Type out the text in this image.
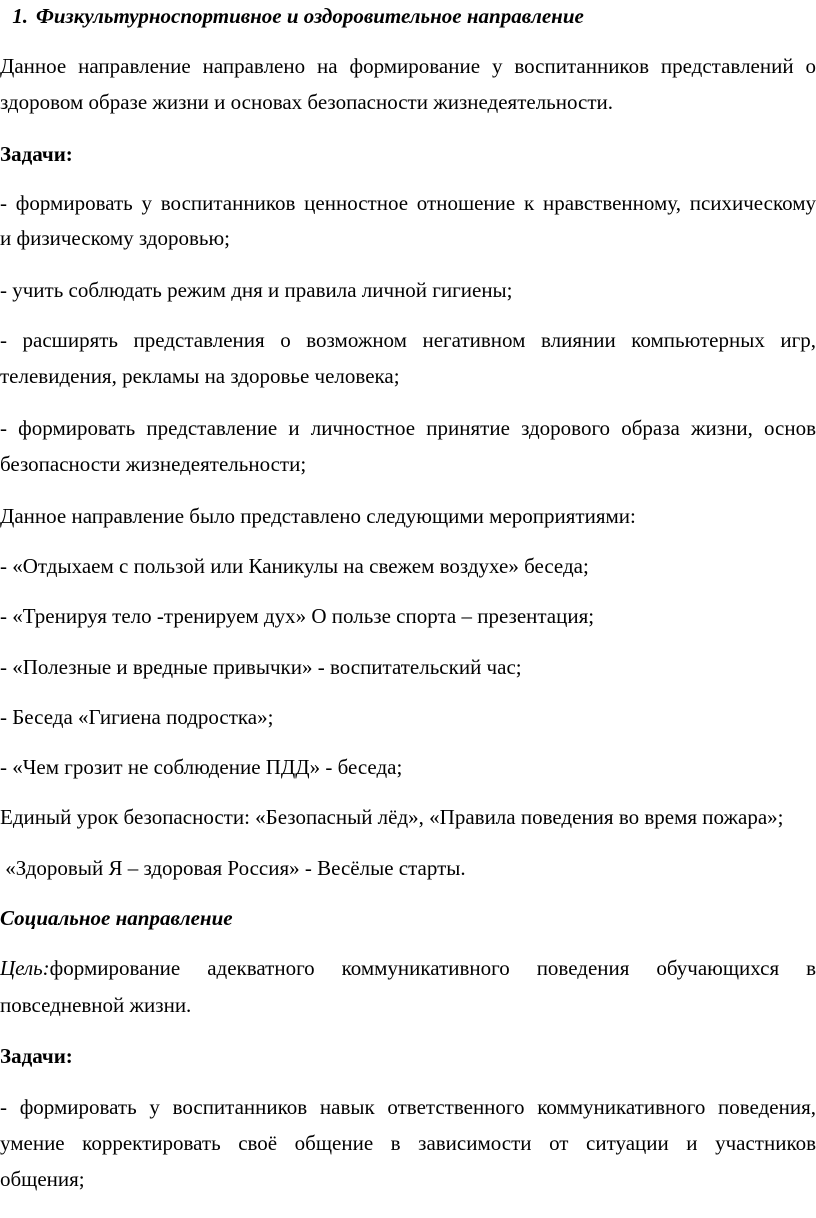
1. Физкультурноспортивное и оздоровительное направление
Данное направление направлено на формирование у воспитанников представлений о
здоровом образе жизни и основах безопасности жизнедеятельности.
Задачи:
- формировать у воспитанников ценностное отношение к нравственному, психическому
и физическому здоровью;
- учить соблюдать режим дня и правила личной гигиены;
- расширять представления о возможном негативном влиянии компьютерных игр,
телевидения, рекламы на здоровье человека;
- формировать представление и личностное принятие здорового образа жизни, основ
безопасности жизнедеятельности;
Данное направление было представлено следующими мероприятиями:
- «Отдыхаем с пользой или Каникулы на свежем воздухе» беседа;
- «Тренируя тело -тренируем дух» О пользе спорта – презентация;
- «Полезные и вредные привычки» - воспитательский час;
- Беседа «Гигиена подростка»;
- «Чем грозит не соблюдение ПДД» - беседа;
Единый урок безопасности: «Безопасный лёд», «Правила поведения во время пожара»;
«Здоровый Я – здоровая Россия» - Весёлые старты.
Социальное направление
Цель:формирование адекватного коммуникативного поведения обучающихся в
повседневной жизни.
Задачи:
- формировать у воспитанников навык ответственного коммуникативного поведения,
умение корректировать своё общение в зависимости от ситуации и участников
общения;
